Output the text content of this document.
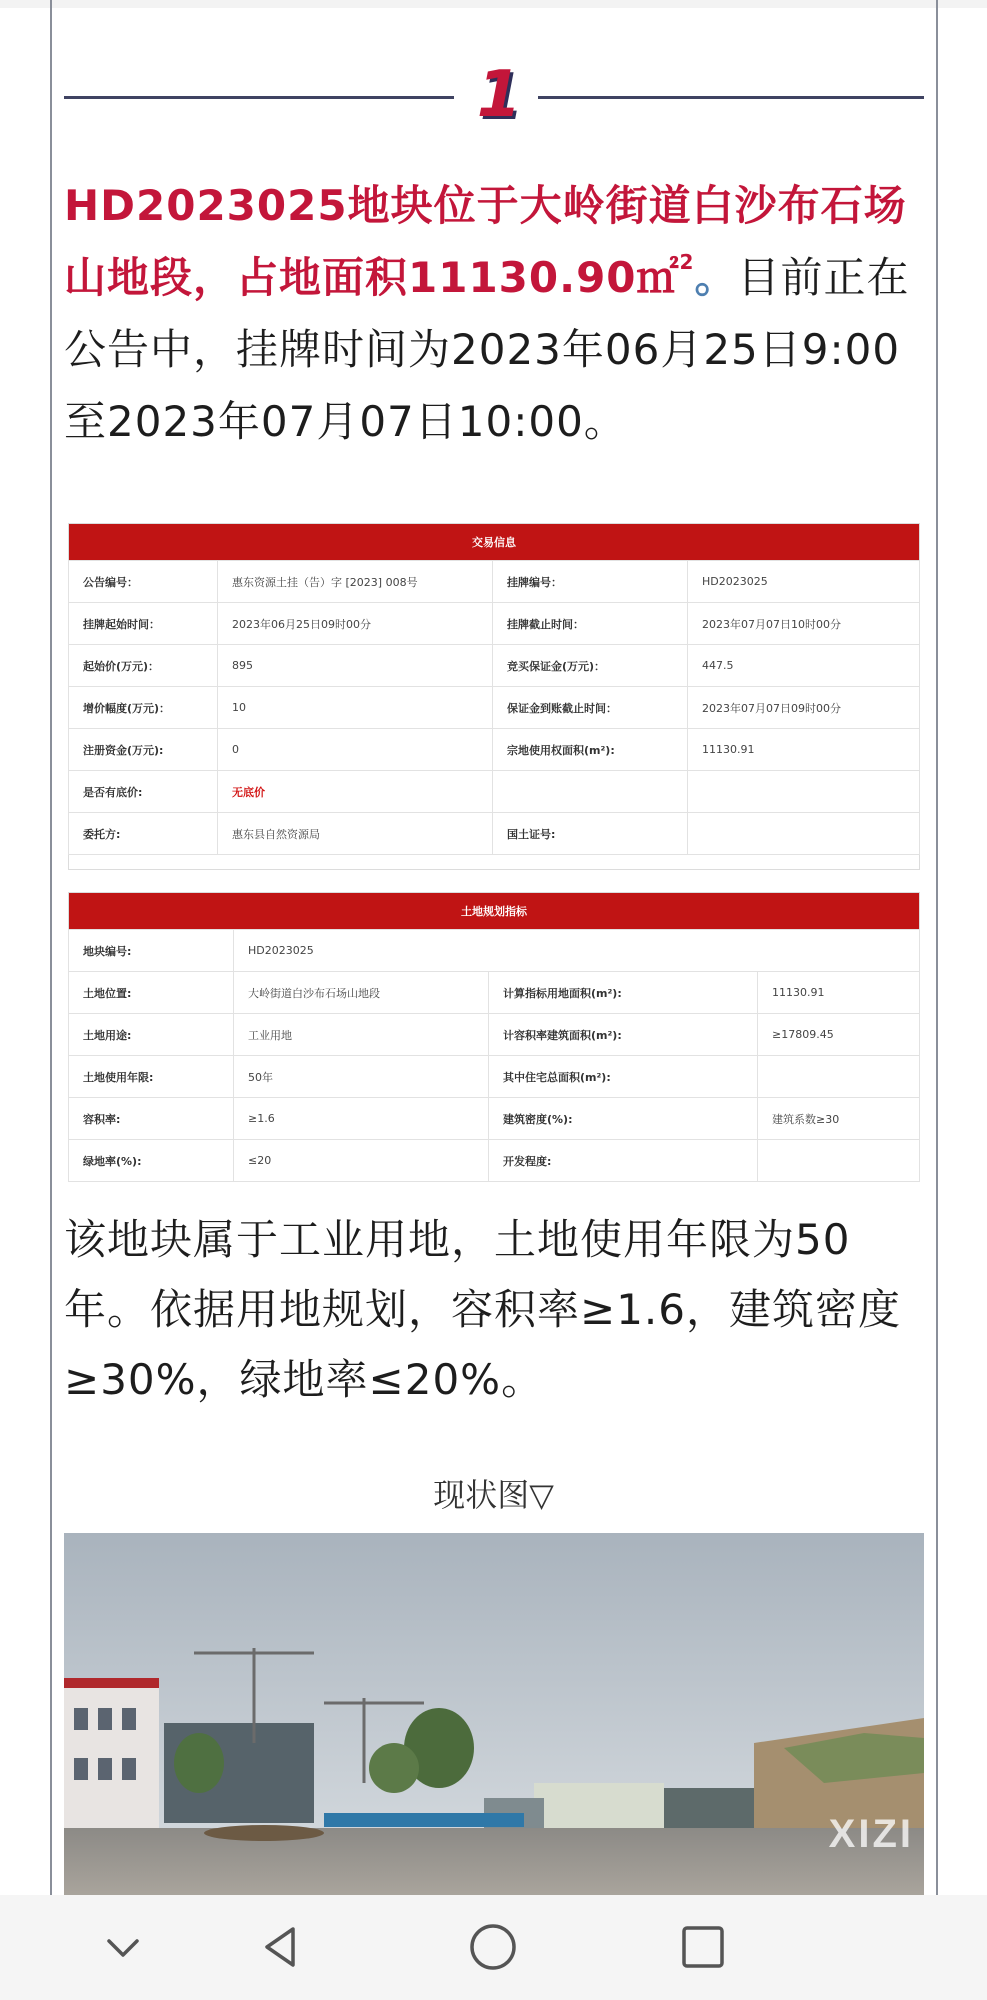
1
HD2023025地块位于大岭街道白沙布石场山地段，占地面积11130.90㎡$^2$。目前正在公告中，挂牌时间为2023年06月25日9:00至2023年07月07日10:00。
交易信息			
公告编号：	惠东资源土挂（告）字 [2023] 008号	挂牌编号：	HD2023025
挂牌起始时间：	2023年06月25日09时00分	挂牌截止时间：	2023年07月07日10时00分
起始价(万元)：	895	竞买保证金(万元)：	447.5
增价幅度(万元)：	10	保证金到账截止时间：	2023年07月07日09时00分
注册资金(万元):	0	宗地使用权面积(m²):	11130.91
是否有底价:	无底价		
委托方:	惠东县自然资源局	国土证号:	

土地规划指标			
地块编号:	HD2023025		
土地位置:	大岭街道白沙布石场山地段	计算指标用地面积(m²):	11130.91
土地用途:	工业用地	计容积率建筑面积(m²):	≥17809.45
土地使用年限:	50年	其中住宅总面积(m²):	
容积率:	≥1.6	建筑密度(%):	建筑系数≥30
绿地率(%):	≤20	开发程度:	
该地块属于工业用地，土地使用年限为50年。依据用地规划，容积率≥1.6，建筑密度≥30%，绿地率≤20%。
现状图▽
XIZI
